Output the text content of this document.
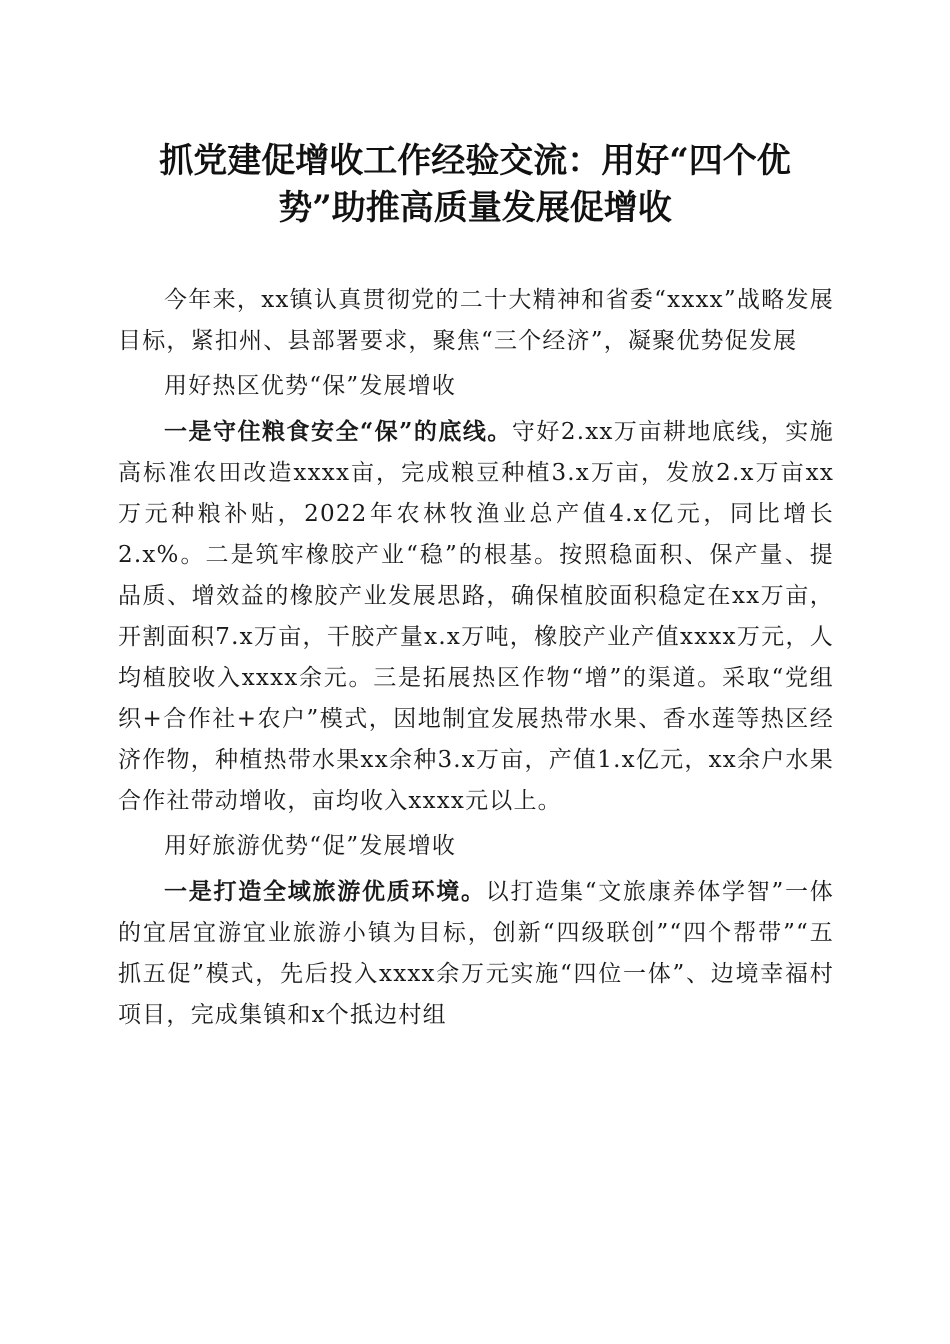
抓党建促增收工作经验交流：用好“四个优
势”助推高质量发展促增收

今年来，xx镇认真贯彻党的二十大精神和省委“xxxx”战略发展目标，紧扣州、县部署要求，聚焦“三个经济”，凝聚优势促发展

用好热区优势“保”发展增收

一是守住粮食安全“保”的底线。守好2.xx万亩耕地底线，实施高标准农田改造xxxx亩，完成粮豆种植3.x万亩，发放2.x万亩xx万元种粮补贴，2022年农林牧渔业总产值4.x亿元，同比增长2.x%。二是筑牢橡胶产业“稳”的根基。按照稳面积、保产量、提品质、增效益的橡胶产业发展思路，确保植胶面积稳定在xx万亩，开割面积7.x万亩，干胶产量x.x万吨，橡胶产业产值xxxx万元，人均植胶收入xxxx余元。三是拓展热区作物“增”的渠道。采取“党组织+合作社+农户”模式，因地制宜发展热带水果、香水莲等热区经济作物，种植热带水果xx余种3.x万亩，产值1.x亿元，xx余户水果合作社带动增收，亩均收入xxxx元以上。

用好旅游优势“促”发展增收

一是打造全域旅游优质环境。以打造集“文旅康养体学智”一体的宜居宜游宜业旅游小镇为目标，创新“四级联创”“四个帮带”“五抓五促”模式，先后投入xxxx余万元实施“四位一体”、边境幸福村项目，完成集镇和x个抵边村组
